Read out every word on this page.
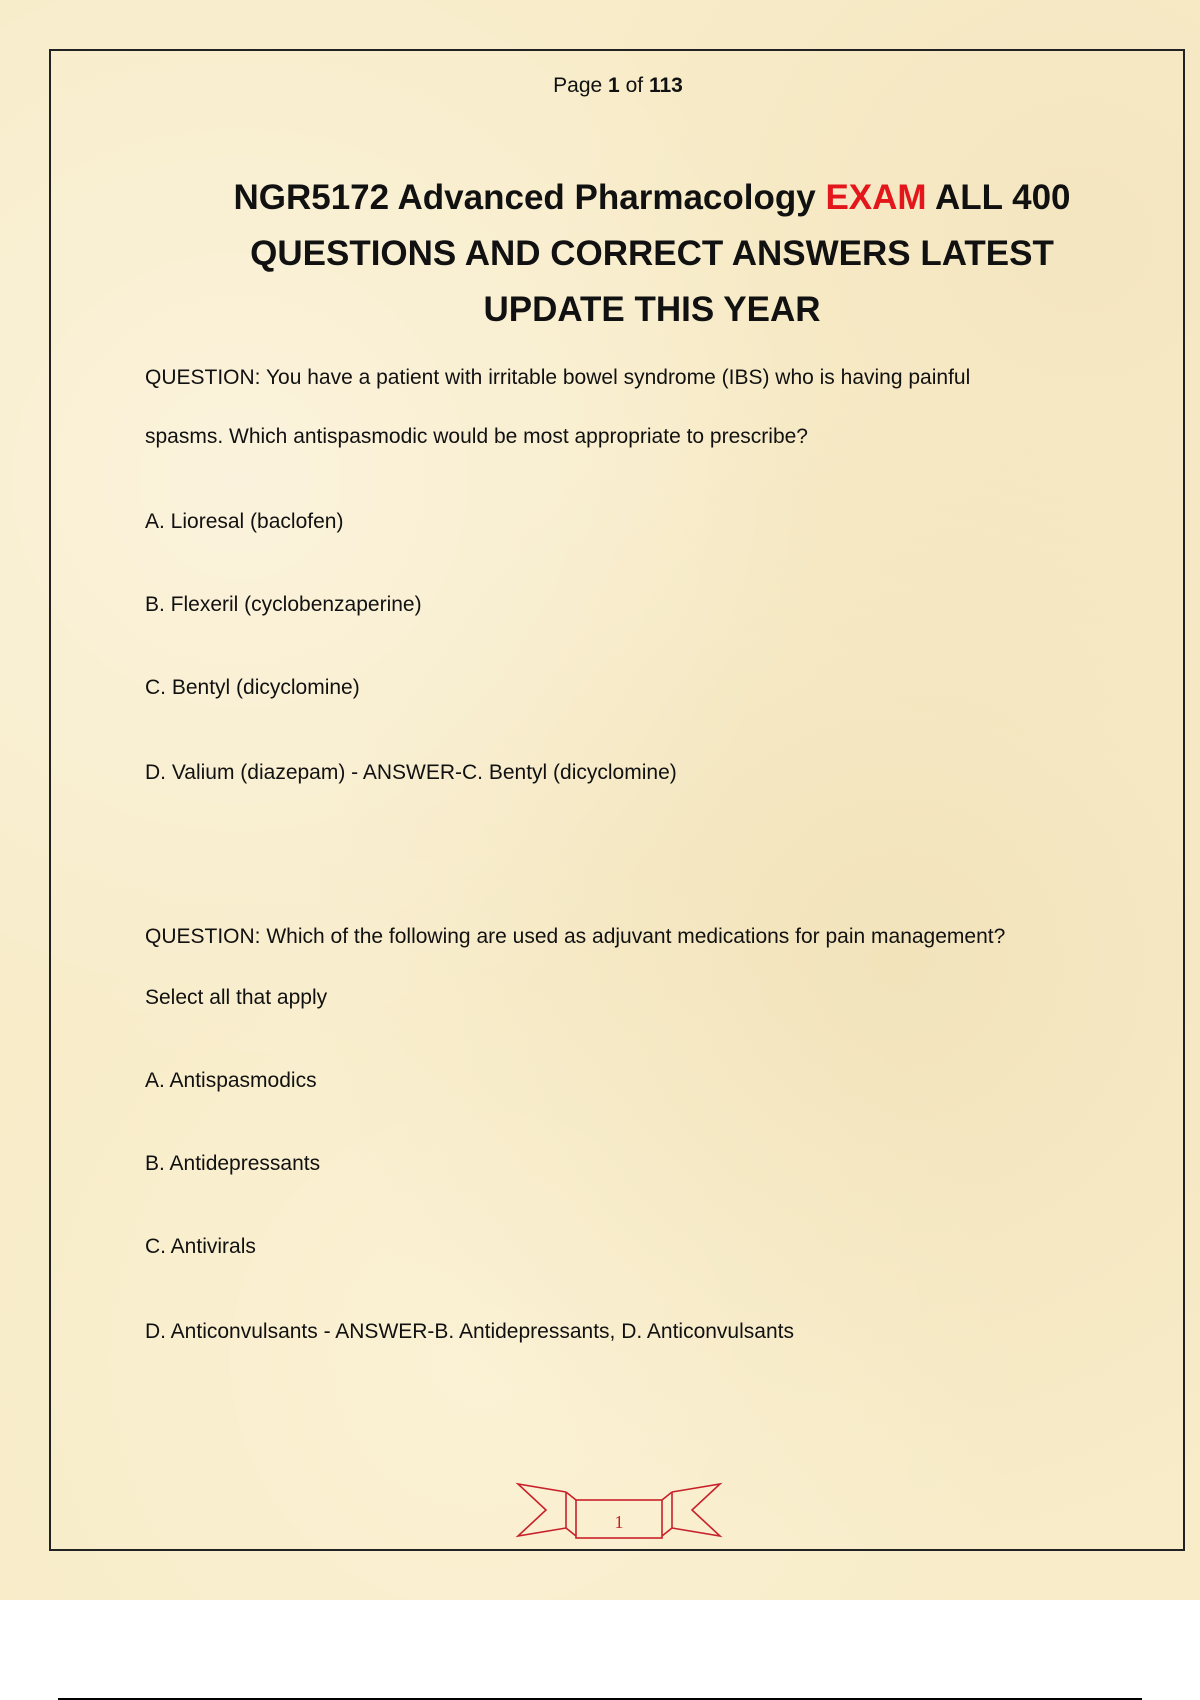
Page 1 of 113
NGR5172 Advanced Pharmacology EXAM ALL 400
QUESTIONS AND CORRECT ANSWERS LATEST
UPDATE THIS YEAR
QUESTION: You have a patient with irritable bowel syndrome (IBS) who is having painful
spasms. Which antispasmodic would be most appropriate to prescribe?
A. Lioresal (baclofen)
B. Flexeril (cyclobenzaperine)
C. Bentyl (dicyclomine)
D. Valium (diazepam) - ANSWER-C. Bentyl (dicyclomine)
QUESTION: Which of the following are used as adjuvant medications for pain management?
Select all that apply
A. Antispasmodics
B. Antidepressants
C. Antivirals
D. Anticonvulsants - ANSWER-B. Antidepressants, D. Anticonvulsants
1
